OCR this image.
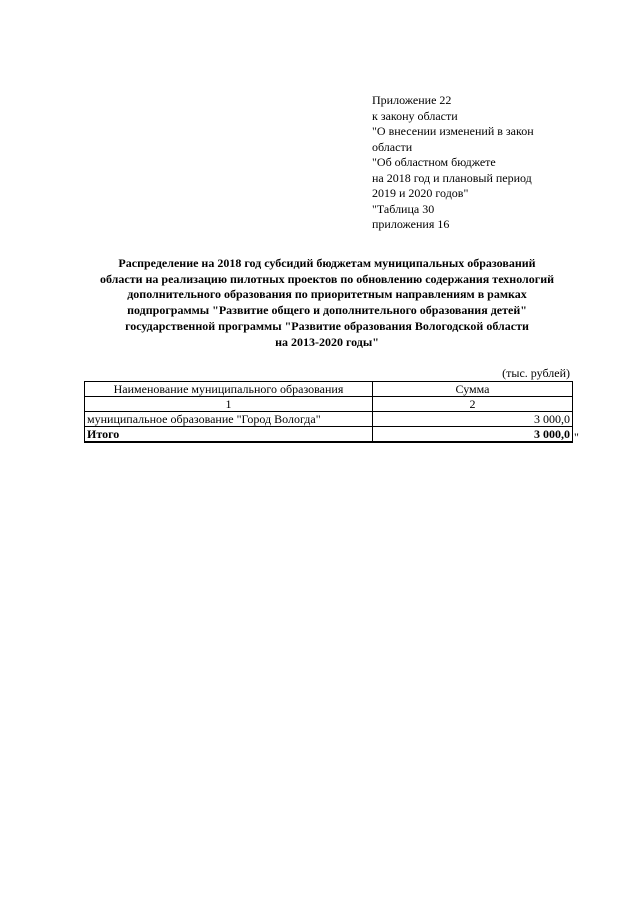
Приложение 22
к закону области
"О внесении изменений в закон
области
"Об областном бюджете
на 2018 год и плановый период
2019 и 2020 годов"
"Таблица 30
приложения 16
Распределение на 2018 год субсидий бюджетам муниципальных образований
области на реализацию пилотных проектов по обновлению содержания технологий
дополнительного образования по приоритетным направлениям в рамках
подпрограммы "Развитие общего и дополнительного образования детей"
государственной программы "Развитие образования Вологодской области
на 2013-2020 годы"
(тыс. рублей)
Наименование муниципального образования	Сумма
1	2
муниципальное образование "Город Вологда"	3 000,0
Итого	3 000,0 "
